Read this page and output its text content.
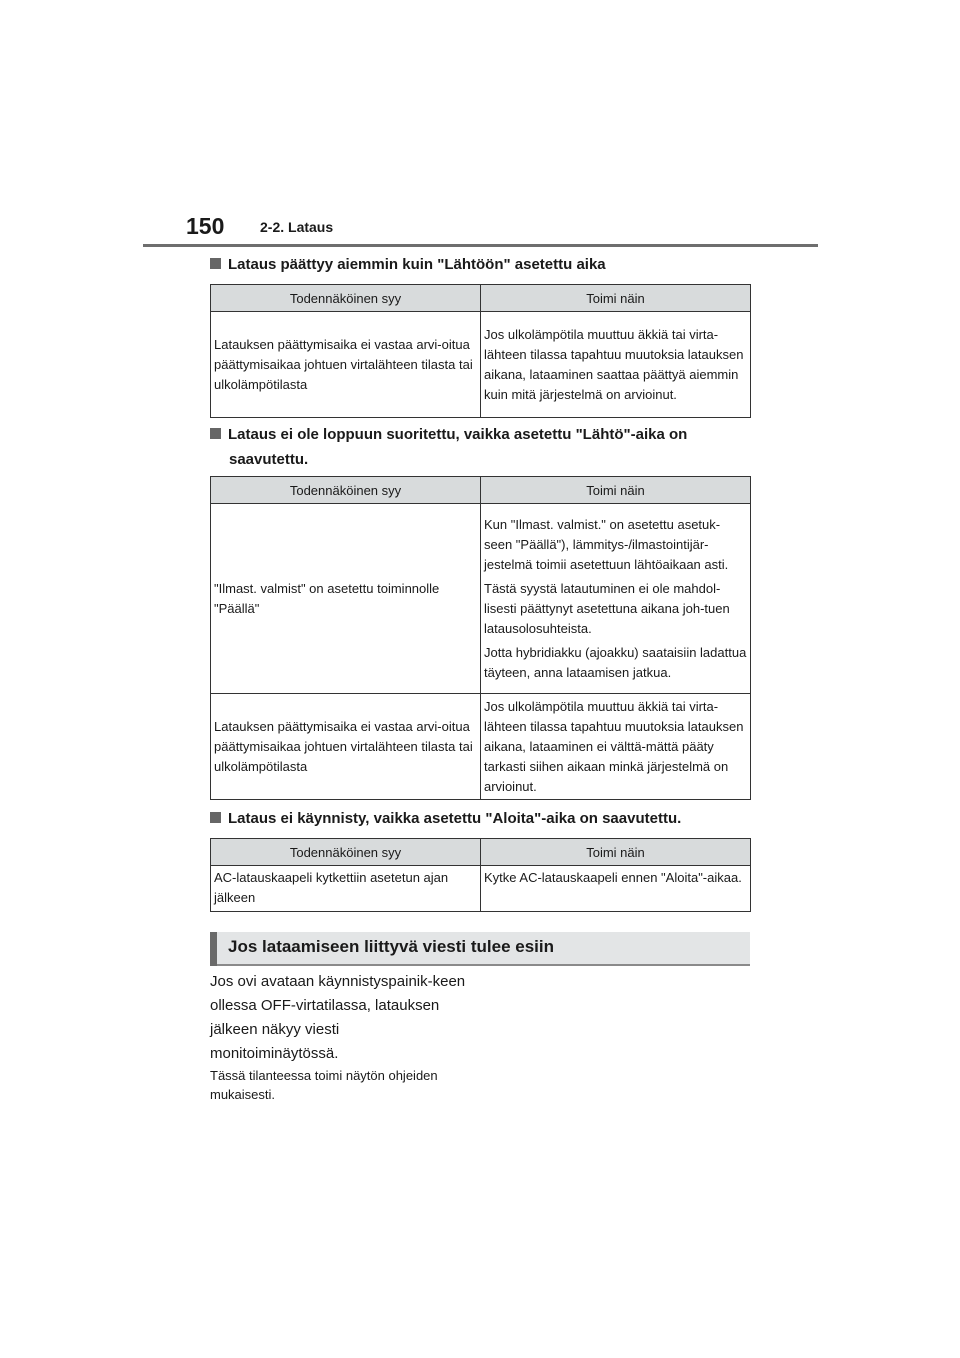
150	2-2. Lataus
Lataus päättyy aiemmin kuin "Lähtöön" asetettu aika
Todennäköinen syy	Toimi näin
Latauksen päättymisaika ei vastaa arvi-oitua päättymisaikaa johtuen virtalähteen tilasta tai ulkolämpötilasta	Jos ulkolämpötila muuttuu äkkiä tai virta-lähteen tilassa tapahtuu muutoksia latauksen aikana, lataaminen saattaa päättyä aiemmin kuin mitä järjestelmä on arvioinut.
Lataus ei ole loppuun suoritettu, vaikka asetettu "Lähtö"-aika on
saavutettu.
Todennäköinen syy	Toimi näin
"Ilmast. valmist" on asetettu toiminnolle "Päällä"	Kun "Ilmast. valmist." on asetettu asetuk-seen "Päällä"), lämmitys-/ilmastointijär-jestelmä toimii asetettuun lähtöaikaan asti.
Tästä syystä latautuminen ei ole mahdol-lisesti päättynyt asetettuna aikana joh-tuen latausolosuhteista.
Jotta hybridiakku (ajoakku) saataisiin ladattua täyteen, anna lataamisen jatkua.

Latauksen päättymisaika ei vastaa arvi-oitua päättymisaikaa johtuen virtalähteen tilasta tai ulkolämpötilasta	Jos ulkolämpötila muuttuu äkkiä tai virta-lähteen tilassa tapahtuu muutoksia latauksen aikana, lataaminen ei välttä-mättä pääty tarkasti siihen aikaan minkä järjestelmä on arvioinut.
Lataus ei käynnisty, vaikka asetettu "Aloita"-aika on saavutettu.
Todennäköinen syy	Toimi näin
AC-latauskaapeli kytkettiin asetetun ajan jälkeen	Kytke AC-latauskaapeli ennen "Aloita"-aikaa.
Jos lataamiseen liittyvä viesti tulee esiin
Jos ovi avataan käynnistyspainik-keen ollessa OFF-virtatilassa, latauksen jälkeen näkyy viesti monitoiminäytössä.
Tässä tilanteessa toimi näytön ohjeiden mukaisesti.
